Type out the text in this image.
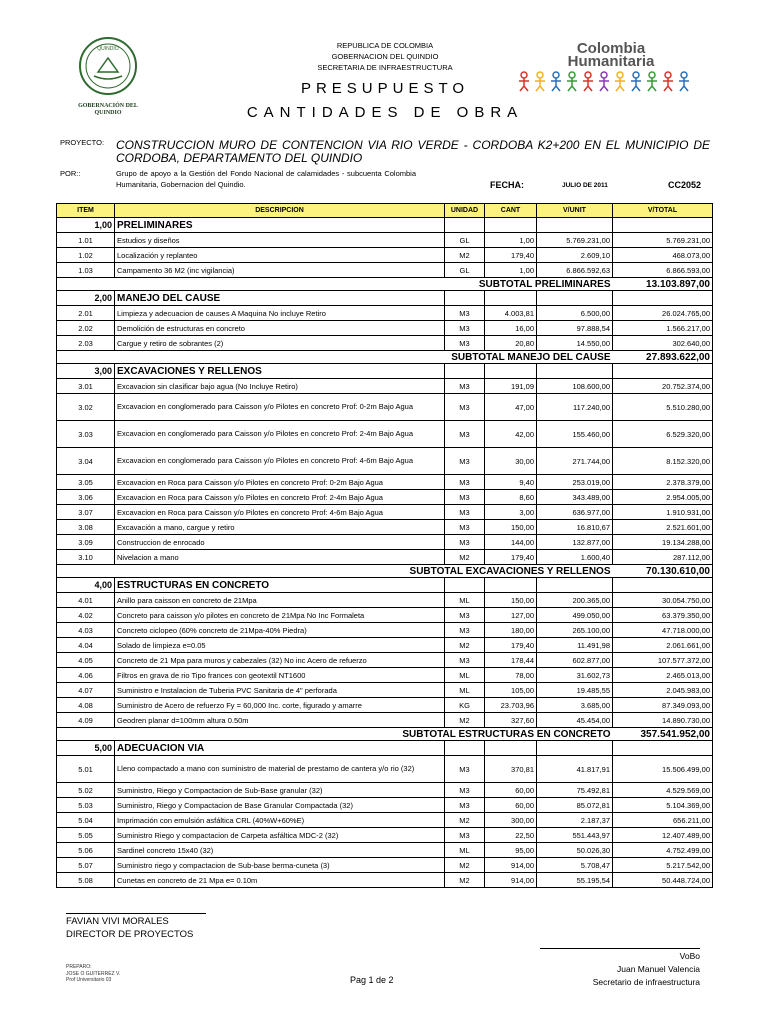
QUINDIO
GOBERNACIÓN DEL
QUINDIO
REPUBLICA DE COLOMBIA
GOBERNACION DEL QUINDIO
SECRETARIA DE INFRAESTRUCTURA
Colombia
Humanitaria
PRESUPUESTO
CANTIDADES DE OBRA
PROYECTO: CONSTRUCCION MURO DE CONTENCION VIA RIO VERDE - CORDOBA K2+200 EN EL MUNICIPIO DE CORDOBA, DEPARTAMENTO DEL QUINDIO
POR::	Grupo de apoyo a la Gestión del Fondo Nacional de calamidades - subcuenta Colombia Humanitaria, Gobernacion del Quindio.	FECHA:	JULIO DE 2011	CC2052
ITEM	DESCRIPCION	UNIDAD	CANT	V/UNIT	V/TOTAL
1,00	PRELIMINARES				
1.01	Estudios y diseños	GL	1,00	5.769.231,00	5.769.231,00
1.02	Localización y replanteo	M2	179,40	2.609,10	468.073,00
1.03	Campamento 36 M2 (inc vigilancia)	GL	1,00	6.866.592,63	6.866.593,00
	SUBTOTAL PRELIMINARES				13.103.897,00
2,00	MANEJO DEL CAUSE				
2.01	Limpieza y adecuacion de causes A Maquina No incluye Retiro	M3	4.003,81	6.500,00	26.024.765,00
2.02	Demolición de estructuras en concreto	M3	16,00	97.888,54	1.566.217,00
2.03	Cargue y retiro de sobrantes (2)	M3	20,80	14.550,00	302.640,00
	SUBTOTAL MANEJO DEL CAUSE				27.893.622,00
3,00	EXCAVACIONES Y RELLENOS				
3.01	Excavacion sin clasificar bajo agua (No Incluye Retiro)	M3	191,09	108.600,00	20.752.374,00
3.02	Excavacion en conglomerado para Caisson y/o Pilotes en concreto Prof: 0-2m Bajo Agua	M3	47,00	117.240,00	5.510.280,00
3.03	Excavacion en conglomerado para Caisson y/o Pilotes en concreto Prof: 2-4m Bajo Agua	M3	42,00	155.460,00	6.529.320,00
3.04	Excavacion en conglomerado para Caisson y/o Pilotes en concreto Prof: 4-6m Bajo Agua	M3	30,00	271.744,00	8.152.320,00
3.05	Excavacion en Roca para Caisson y/o Pilotes en concreto Prof: 0-2m Bajo Agua	M3	9,40	253.019,00	2.378.379,00
3.06	Excavacion en Roca para Caisson y/o Pilotes en concreto Prof: 2-4m Bajo Agua	M3	8,60	343.489,00	2.954.005,00
3.07	Excavacion en Roca para Caisson y/o Pilotes en concreto Prof: 4-6m Bajo Agua	M3	3,00	636.977,00	1.910.931,00
3.08	Excavación a mano, cargue y retiro	M3	150,00	16.810,67	2.521.601,00
3.09	Construccion de enrocado	M3	144,00	132.877,00	19.134.288,00
3.10	Nivelacion a mano	M2	179,40	1.600,40	287.112,00
	SUBTOTAL EXCAVACIONES Y RELLENOS				70.130.610,00
4,00	ESTRUCTURAS EN CONCRETO				
4.01	Anillo para caisson en concreto de 21Mpa	ML	150,00	200.365,00	30.054.750,00
4.02	Concreto para caisson y/o pilotes en concreto de 21Mpa No Inc Formaleta	M3	127,00	499.050,00	63.379.350,00
4.03	Concreto ciclopeo (60% concreto de 21Mpa-40% Piedra)	M3	180,00	265.100,00	47.718.000,00
4.04	Solado de limpieza e=0.05	M2	179,40	11.491,98	2.061.661,00
4.05	Concreto de 21 Mpa para muros y cabezales (32) No inc Acero de refuerzo	M3	178,44	602.877,00	107.577.372,00
4.06	Filtros en grava de rio Tipo frances con geotextil NT1600	ML	78,00	31.602,73	2.465.013,00
4.07	Suministro e Instalacion de Tuberia PVC Sanitaria de 4" perforada	ML	105,00	19.485,55	2.045.983,00
4.08	Suministro de Acero de refuerzo Fy = 60,000 Inc. corte, figurado y amarre	KG	23.703,96	3.685,00	87.349.093,00
4.09	Geodren planar d=100mm altura 0.50m	M2	327,60	45.454,00	14.890.730,00
	SUBTOTAL ESTRUCTURAS EN CONCRETO				357.541.952,00
5,00	ADECUACION VIA				
5.01	Lleno compactado a mano con suministro de material de prestamo de cantera y/o rio (32)	M3	370,81	41.817,91	15.506.499,00
5.02	Suministro, Riego y Compactacion de Sub-Base granular (32)	M3	60,00	75.492,81	4.529.569,00
5.03	Suministro, Riego y Compactacion de Base Granular Compactada (32)	M3	60,00	85.072,81	5.104.369,00
5.04	Imprimación con emulsión asfáltica CRL (40%W+60%E)	M2	300,00	2.187,37	656.211,00
5.05	Suministro Riego y compactacion de Carpeta asfáltica MDC-2 (32)	M3	22,50	551.443,97	12.407.489,00
5.06	Sardinel concreto 15x40 (32)	ML	95,00	50.026,30	4.752.499,00
5.07	Suministro riego y compactacion de Sub-base berma-cuneta (3)	M2	914,00	5.708,47	5.217.542,00
5.08	Cunetas en concreto de 21 Mpa e= 0.10m	M2	914,00	55.195,54	50.448.724,00
FAVIAN VIVI MORALES
DIRECTOR DE PROYECTOS
PREPARO:
JOSE O GUITERREZ V.
Prof Universitario 03	Pag 1 de 2
VoBo
Juan Manuel Valencia
Secretario de infraestructura
